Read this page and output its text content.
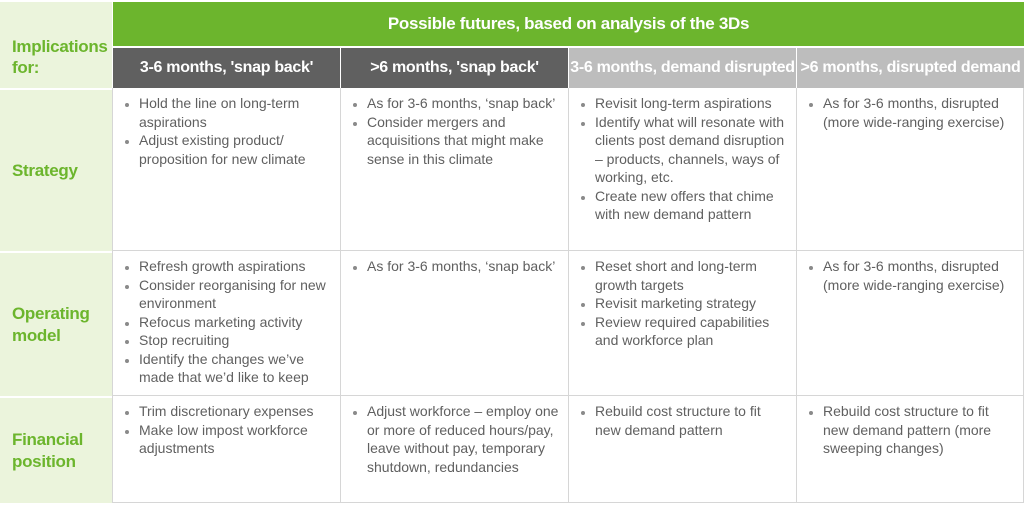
Implications for:
Possible futures, based on analysis of the 3Ds
3-6 months, 'snap back'	>6 months, 'snap back'	3-6 months, demand disrupted >6 months, disrupted demand
Strategy
• Hold the line on long-term aspirations
• Adjust existing product/ proposition for new climate
• As for 3-6 months, ‘snap back’
• Consider mergers and acquisitions that might make sense in this climate
• Revisit long-term aspirations
• Identify what will resonate with clients post demand disruption – products, channels, ways of working, etc.
• Create new offers that chime with new demand pattern
• As for 3-6 months, disrupted (more wide-ranging exercise)
Operating model
• Refresh growth aspirations
• Consider reorganising for new environment
• Refocus marketing activity
• Stop recruiting
• Identify the changes we’ve made that we’d like to keep
• As for 3-6 months, ‘snap back’
•	Reset short and long-term growth targets
• Revisit marketing strategy
• Review required capabilities and workforce plan
• As for 3-6 months, disrupted (more wide-ranging exercise)
Financial position
• Trim discretionary expenses
• Make low impost workforce adjustments
• Adjust workforce – employ one or more of reduced hours/pay, leave without pay, temporary shutdown, redundancies
• Rebuild cost structure to fit new demand pattern
• Rebuild cost structure to fit new demand pattern (more sweeping changes)
